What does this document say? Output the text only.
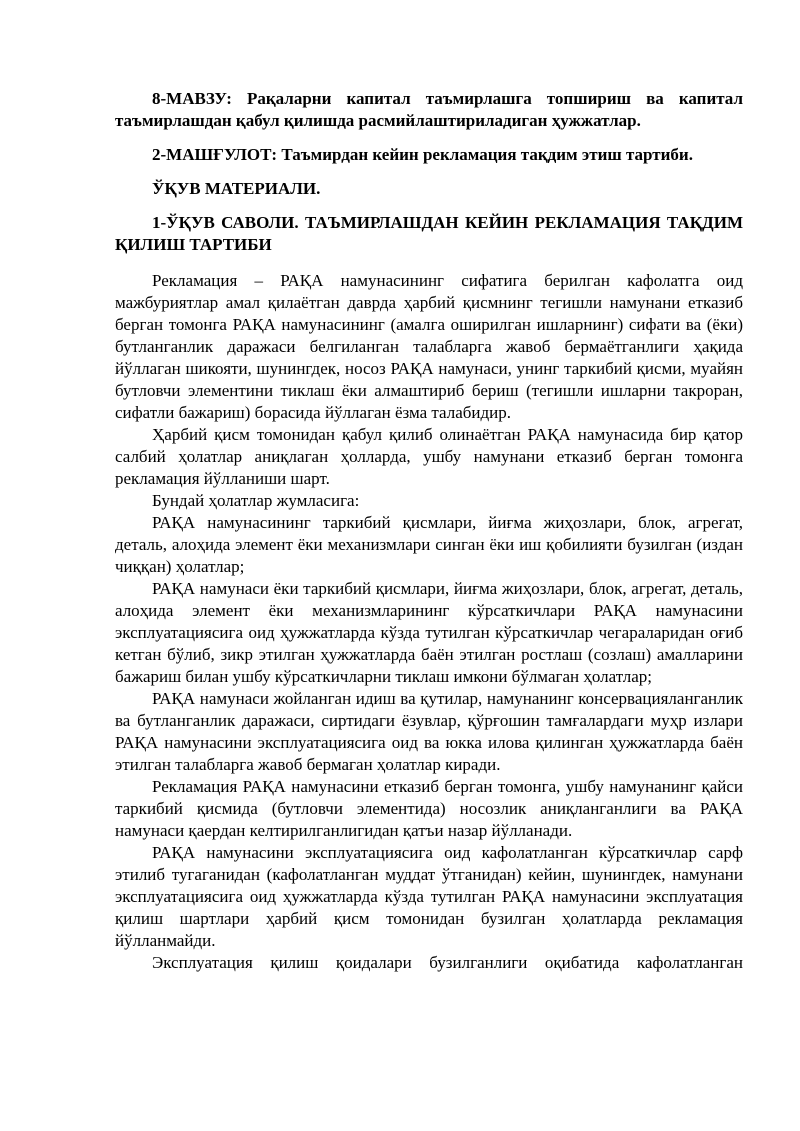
8-МАВЗУ: Рақаларни капитал таъмирлашга топшириш ва капитал таъмирлашдан қабул қилишда расмийлаштириладиган ҳужжатлар.

2-МАШҒУЛОТ: Таъмирдан кейин рекламация тақдим этиш тартиби.

ЎҚУВ МАТЕРИАЛИ.

1-ЎҚУВ САВОЛИ. ТАЪМИРЛАШДАН КЕЙИН РЕКЛАМАЦИЯ ТАҚДИМ ҚИЛИШ ТАРТИБИ

Рекламация – РАҚА намунасининг сифатига берилган кафолатга оид мажбуриятлар амал қилаётган даврда ҳарбий қисмнинг тегишли намунани етказиб берган томонга РАҚА намунасининг (амалга оширилган ишларнинг) сифати ва (ёки) бутланганлик даражаси белгиланган талабларга жавоб бермаётганлиги ҳақида йўллаган шикояти, шунингдек, носоз РАҚА намунаси, унинг таркибий қисми, муайян бутловчи элементини тиклаш ёки алмаштириб бериш (тегишли ишларни такроран, сифатли бажариш) борасида йўллаган ёзма талабидир.

Ҳарбий қисм томонидан қабул қилиб олинаётган РАҚА намунасида бир қатор салбий ҳолатлар аниқлаган ҳолларда, ушбу намунани етказиб берган томонга рекламация йўлланиши шарт.

Бундай ҳолатлар жумласига:

РАҚА намунасининг таркибий қисмлари, йиғма жиҳозлари, блок, агрегат, деталь, алоҳида элемент ёки механизмлари синган ёки иш қобилияти бузилган (издан чиққан) ҳолатлар;

РАҚА намунаси ёки таркибий қисмлари, йиғма жиҳозлари, блок, агрегат, деталь, алоҳида элемент ёки механизмларининг кўрсаткичлари РАҚА намунасини эксплуатациясига оид ҳужжатларда кўзда тутилган кўрсаткичлар чегараларидан оғиб кетган бўлиб, зикр этилган ҳужжатларда баён этилган ростлаш (созлаш) амалларини бажариш билан ушбу кўрсаткичларни тиклаш имкони бўлмаган ҳолатлар;

РАҚА намунаси жойланган идиш ва қутилар, намунанинг консервацияланганлик ва бутланганлик даражаси, сиртидаги ёзувлар, қўрғошин тамғалардаги муҳр излари РАҚА намунасини эксплуатациясига оид ва юкка илова қилинган ҳужжатларда баён этилган талабларга жавоб бермаган ҳолатлар киради.

Рекламация РАҚА намунасини етказиб берган томонга, ушбу намунанинг қайси таркибий қисмида (бутловчи элементида) носозлик аниқланганлиги ва РАҚА намунаси қаердан келтирилганлигидан қатъи назар йўлланади.

РАҚА намунасини эксплуатациясига оид кафолатланган кўрсаткичлар сарф этилиб тугаганидан (кафолатланган муддат ўтганидан) кейин, шунингдек, намунани эксплуатациясига оид ҳужжатларда кўзда тутилган РАҚА намунасини эксплуатация қилиш шартлари ҳарбий қисм томонидан бузилган ҳолатларда рекламация йўлланмайди.

Эксплуатация қилиш қоидалари бузилганлиги оқибатида кафолатланган
